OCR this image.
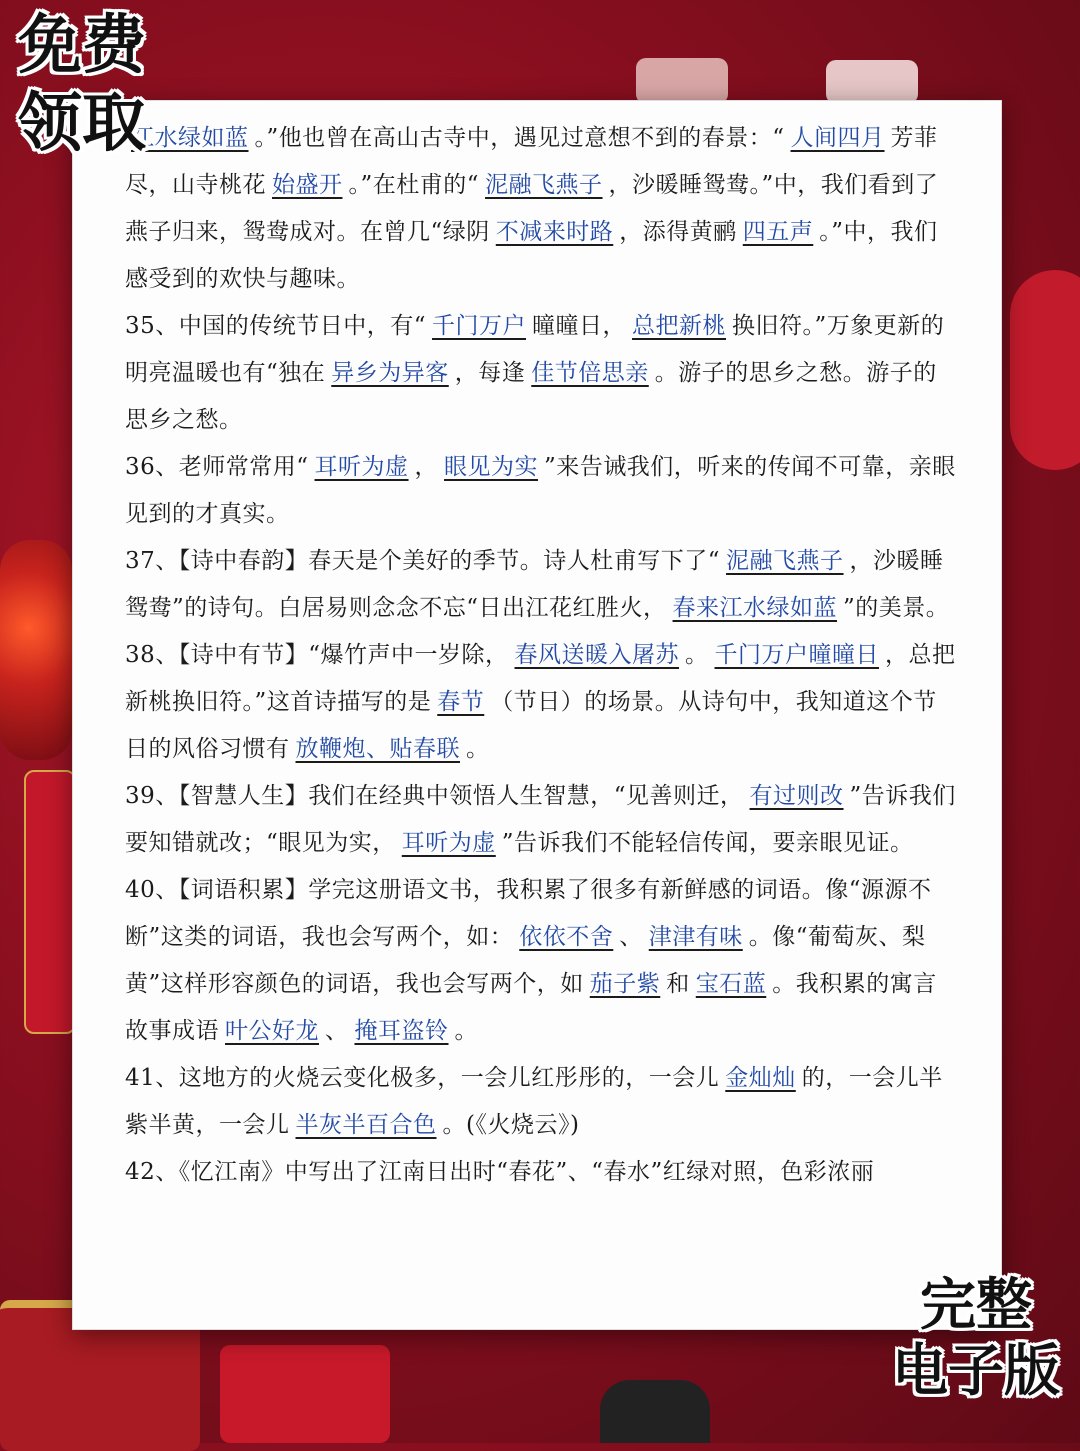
江水绿如蓝 。”他也曾在高山古寺中，遇见过意想不到的春景：“ 人间四月 芳菲尽，山寺桃花 始盛开 。”在杜甫的“ 泥融飞燕子 ，沙暖睡鸳鸯。”中，我们看到了燕子归来，鸳鸯成对。在曾几“绿阴 不减来时路 ，添得黄鹂 四五声 。”中，我们感受到的欢快与趣味。

35、中国的传统节日中，有“ 千门万户 曈曈日， 总把新桃 换旧符。”万象更新的明亮温暖也有“独在 异乡为异客 ，每逢 佳节倍思亲 。游子的思乡之愁。游子的思乡之愁。

36、老师常常用“ 耳听为虚 ， 眼见为实 ”来告诫我们，听来的传闻不可靠，亲眼见到的才真实。

37、【诗中春韵】春天是个美好的季节。诗人杜甫写下了“ 泥融飞燕子 ，沙暖睡鸳鸯”的诗句。白居易则念念不忘“日出江花红胜火， 春来江水绿如蓝 ”的美景。

38、【诗中有节】“爆竹声中一岁除， 春风送暖入屠苏 。 千门万户曈曈日 ，总把新桃换旧符。”这首诗描写的是 春节 （节日）的场景。从诗句中，我知道这个节日的风俗习惯有 放鞭炮、贴春联 。

39、【智慧人生】我们在经典中领悟人生智慧，“见善则迁， 有过则改 ”告诉我们要知错就改；“眼见为实， 耳听为虚 ”告诉我们不能轻信传闻，要亲眼见证。

40、【词语积累】学完这册语文书，我积累了很多有新鲜感的词语。像“源源不断”这类的词语，我也会写两个，如： 依依不舍 、 津津有味 。像“葡萄灰、梨黄”这样形容颜色的词语，我也会写两个，如 茄子紫 和 宝石蓝 。我积累的寓言故事成语 叶公好龙 、 掩耳盗铃 。

41、这地方的火烧云变化极多，一会儿红彤彤的，一会儿 金灿灿 的，一会儿半紫半黄，一会儿 半灰半百合色 。(《火烧云》)

42、《忆江南》中写出了江南日出时“春花”、“春水”红绿对照，色彩浓丽

免费
领取
完整
电子版
